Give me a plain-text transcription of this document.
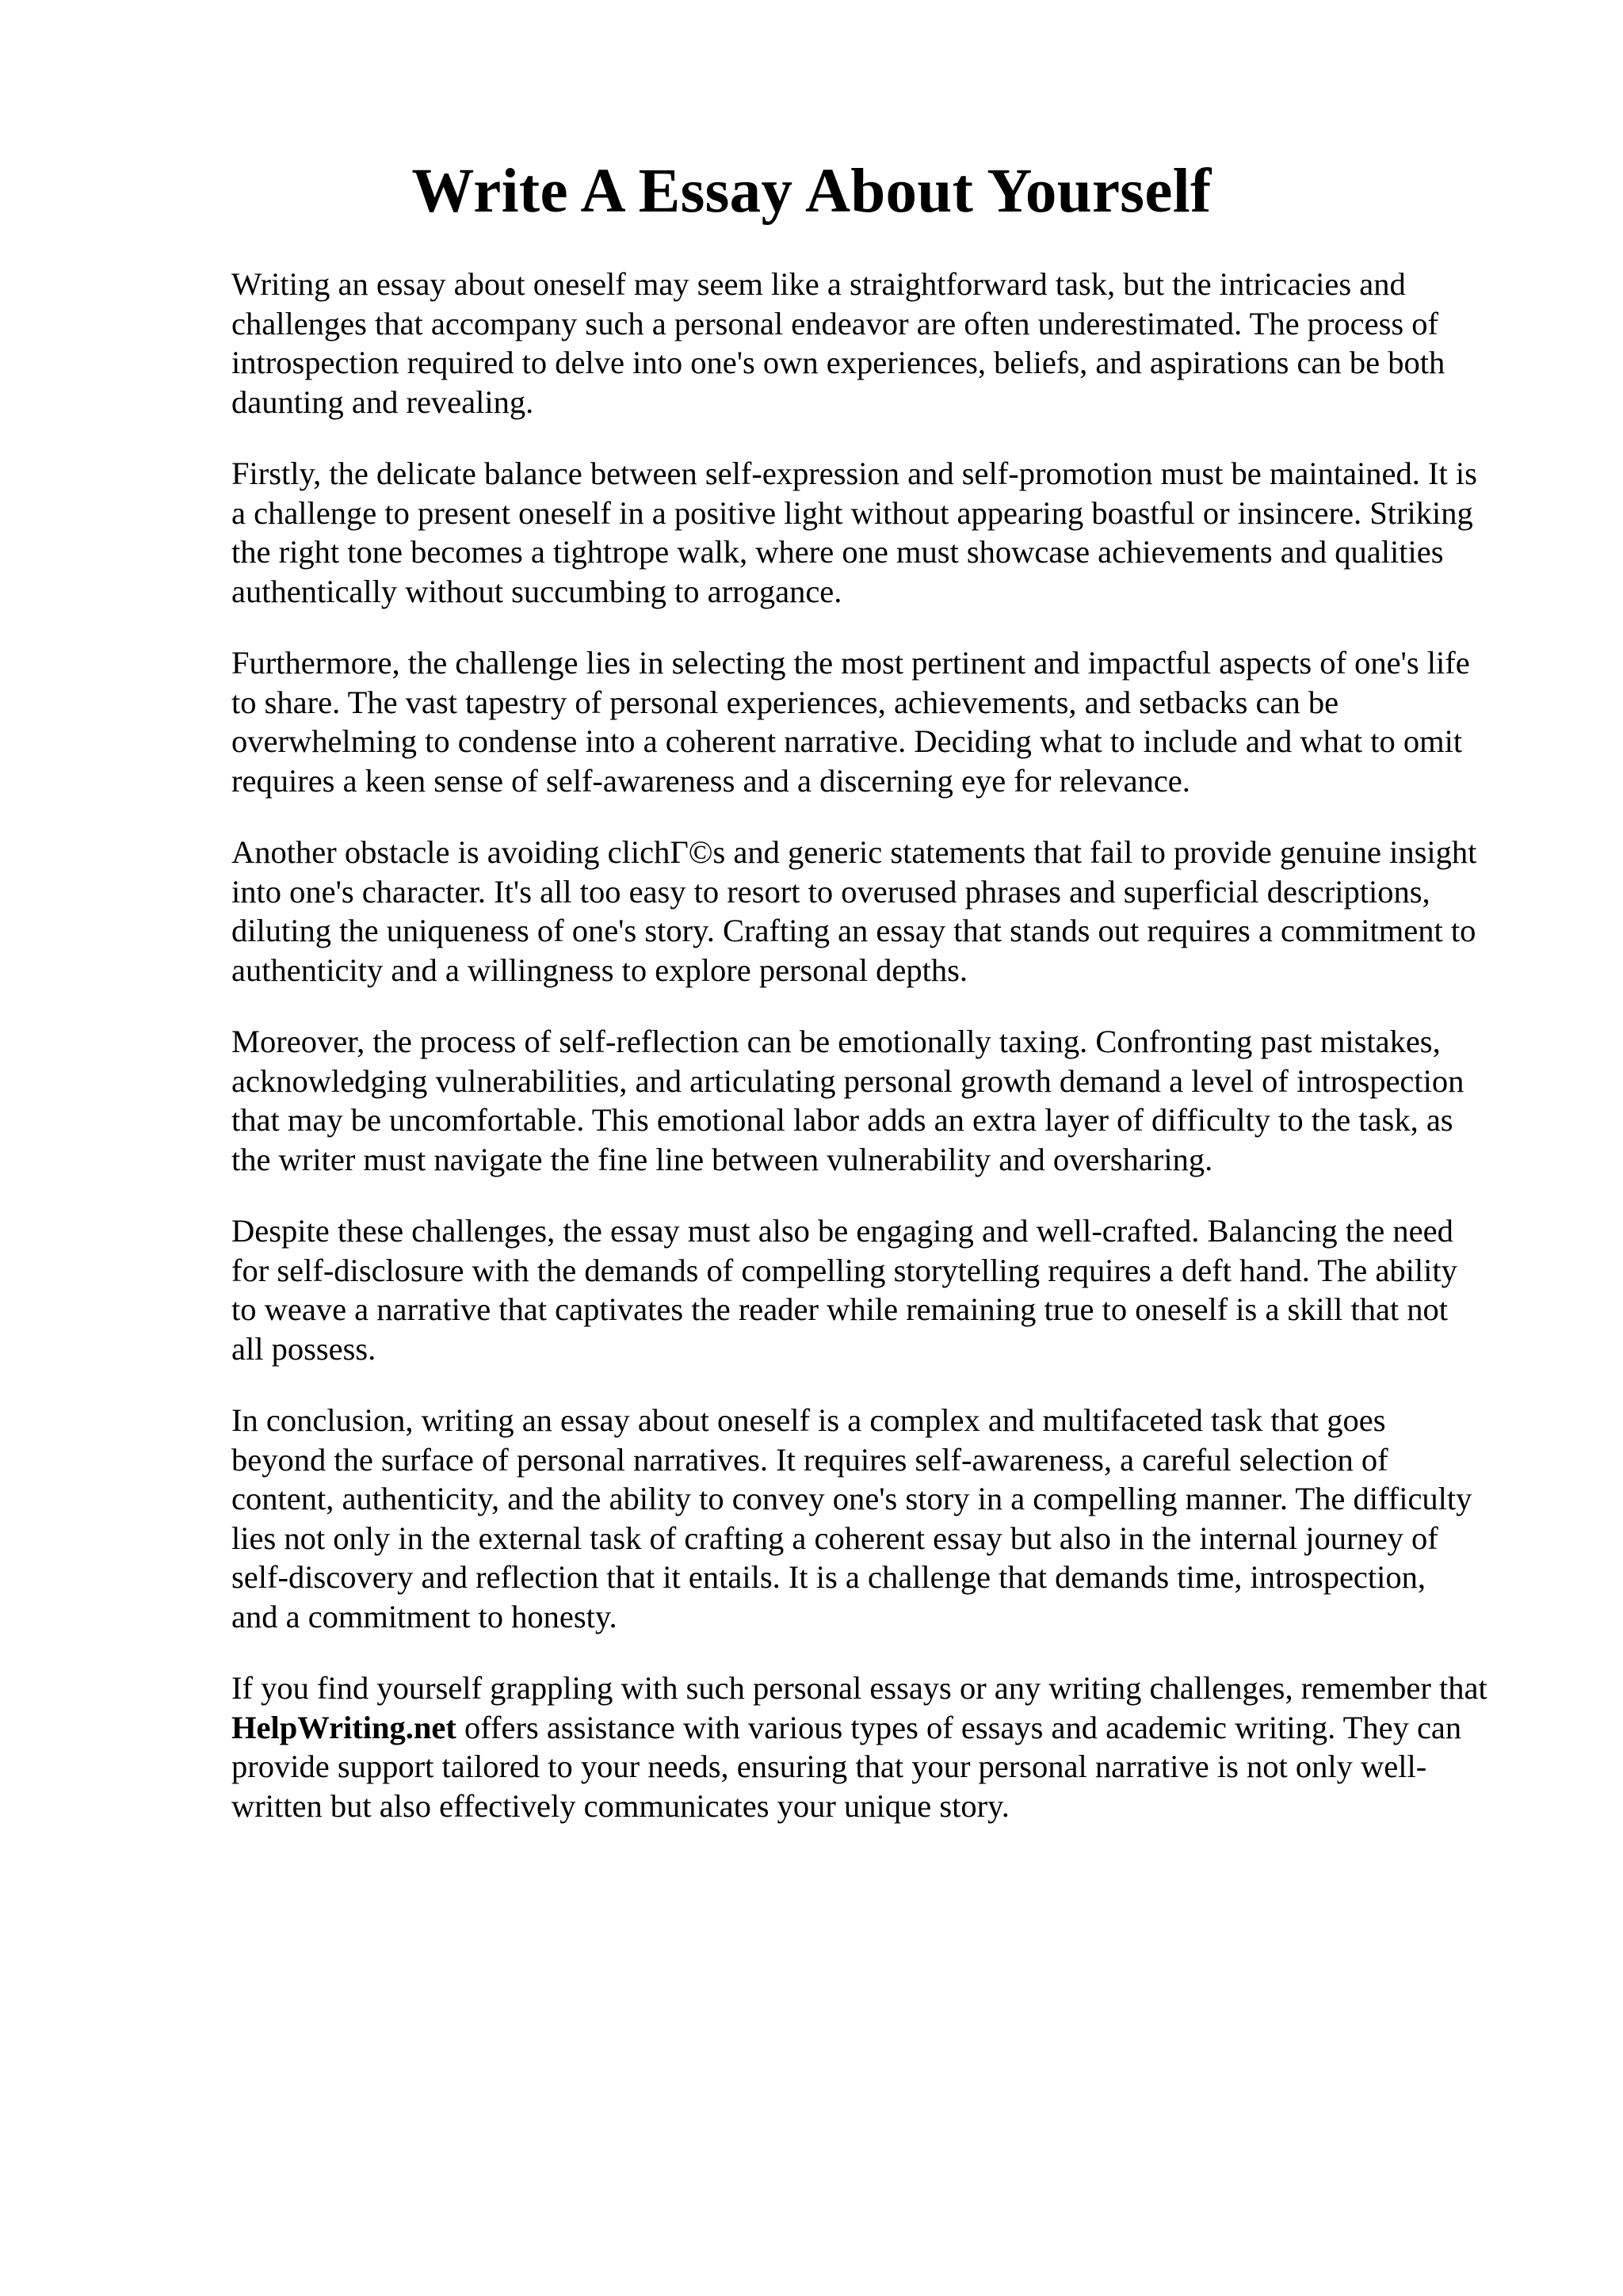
Write A Essay About Yourself

Writing an essay about oneself may seem like a straightforward task, but the intricacies and
challenges that accompany such a personal endeavor are often underestimated. The process of
introspection required to delve into one's own experiences, beliefs, and aspirations can be both
daunting and revealing.

Firstly, the delicate balance between self-expression and self-promotion must be maintained. It is
a challenge to present oneself in a positive light without appearing boastful or insincere. Striking
the right tone becomes a tightrope walk, where one must showcase achievements and qualities
authentically without succumbing to arrogance.

Furthermore, the challenge lies in selecting the most pertinent and impactful aspects of one's life
to share. The vast tapestry of personal experiences, achievements, and setbacks can be
overwhelming to condense into a coherent narrative. Deciding what to include and what to omit
requires a keen sense of self-awareness and a discerning eye for relevance.

Another obstacle is avoiding clichΓ©s and generic statements that fail to provide genuine insight
into one's character. It's all too easy to resort to overused phrases and superficial descriptions,
diluting the uniqueness of one's story. Crafting an essay that stands out requires a commitment to
authenticity and a willingness to explore personal depths.

Moreover, the process of self-reflection can be emotionally taxing. Confronting past mistakes,
acknowledging vulnerabilities, and articulating personal growth demand a level of introspection
that may be uncomfortable. This emotional labor adds an extra layer of difficulty to the task, as
the writer must navigate the fine line between vulnerability and oversharing.

Despite these challenges, the essay must also be engaging and well-crafted. Balancing the need
for self-disclosure with the demands of compelling storytelling requires a deft hand. The ability
to weave a narrative that captivates the reader while remaining true to oneself is a skill that not
all possess.

In conclusion, writing an essay about oneself is a complex and multifaceted task that goes
beyond the surface of personal narratives. It requires self-awareness, a careful selection of
content, authenticity, and the ability to convey one's story in a compelling manner. The difficulty
lies not only in the external task of crafting a coherent essay but also in the internal journey of
self-discovery and reflection that it entails. It is a challenge that demands time, introspection,
and a commitment to honesty.

If you find yourself grappling with such personal essays or any writing challenges, remember that
HelpWriting.net offers assistance with various types of essays and academic writing. They can
provide support tailored to your needs, ensuring that your personal narrative is not only well-
written but also effectively communicates your unique story.
